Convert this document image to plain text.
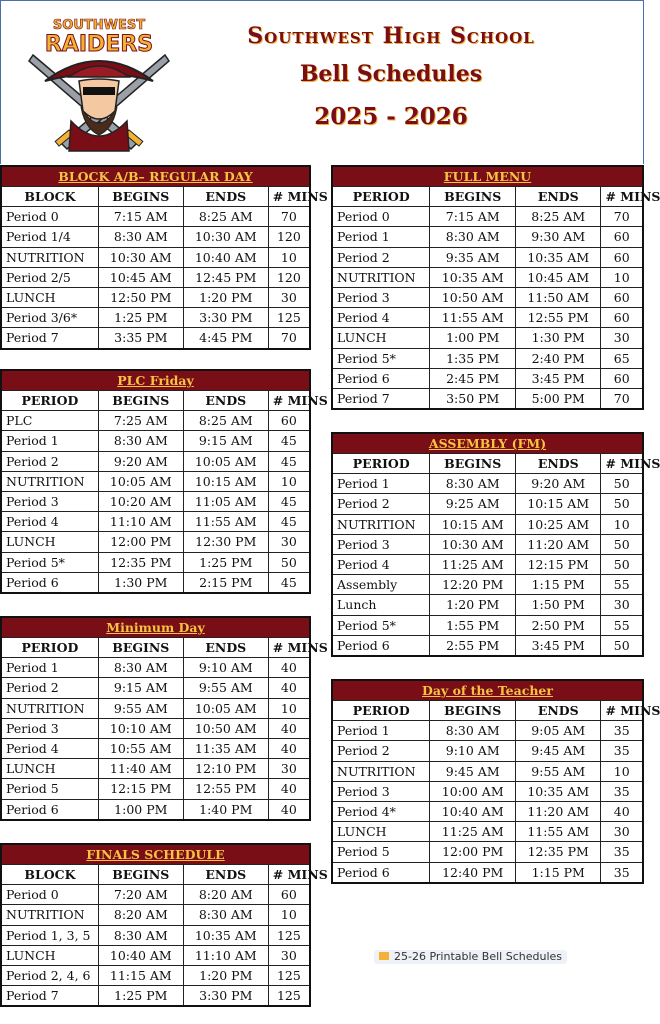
SOUTHWEST
RAIDERS	Southwest High School
Bell Schedules
2025 - 2026
BLOCK A/B– REGULAR DAY			
BLOCK	BEGINS	ENDS	# MINS
Period 0	7:15 AM	8:25 AM	70
Period 1/4	8:30 AM	10:30 AM	120
NUTRITION	10:30 AM	10:40 AM	10
Period 2/5	10:45 AM	12:45 PM	120
LUNCH	12:50 PM	1:20 PM	30
Period 3/6*	1:25 PM	3:30 PM	125
Period 7	3:35 PM	4:45 PM	70
PLC Friday			
PERIOD	BEGINS	ENDS	# MINS
PLC	7:25 AM	8:25 AM	60
Period 1	8:30 AM	9:15 AM	45
Period 2	9:20 AM	10:05 AM	45
NUTRITION	10:05 AM	10:15 AM	10
Period 3	10:20 AM	11:05 AM	45
Period 4	11:10 AM	11:55 AM	45
LUNCH	12:00 PM	12:30 PM	30
Period 5*	12:35 PM	1:25 PM	50
Period 6	1:30 PM	2:15 PM	45
Minimum Day			
PERIOD	BEGINS	ENDS	# MINS
Period 1	8:30 AM	9:10 AM	40
Period 2	9:15 AM	9:55 AM	40
NUTRITION	9:55 AM	10:05 AM	10
Period 3	10:10 AM	10:50 AM	40
Period 4	10:55 AM	11:35 AM	40
LUNCH	11:40 AM	12:10 PM	30
Period 5	12:15 PM	12:55 PM	40
Period 6	1:00 PM	1:40 PM	40
FINALS SCHEDULE			
BLOCK	BEGINS	ENDS	# MINS
Period 0	7:20 AM	8:20 AM	60
NUTRITION	8:20 AM	8:30 AM	10
Period 1, 3, 5	8:30 AM	10:35 AM	125
LUNCH	10:40 AM	11:10 AM	30
Period 2, 4, 6	11:15 AM	1:20 PM	125
Period 7	1:25 PM	3:30 PM	125
FULL MENU			
PERIOD	BEGINS	ENDS	# MINS
Period 0	7:15 AM	8:25 AM	70
Period 1	8:30 AM	9:30 AM	60
Period 2	9:35 AM	10:35 AM	60
NUTRITION	10:35 AM	10:45 AM	10
Period 3	10:50 AM	11:50 AM	60
Period 4	11:55 AM	12:55 PM	60
LUNCH	1:00 PM	1:30 PM	30
Period 5*	1:35 PM	2:40 PM	65
Period 6	2:45 PM	3:45 PM	60
Period 7	3:50 PM	5:00 PM	70
ASSEMBLY (FM)			
PERIOD	BEGINS	ENDS	# MINS
Period 1	8:30 AM	9:20 AM	50
Period 2	9:25 AM	10:15 AM	50
NUTRITION	10:15 AM	10:25 AM	10
Period 3	10:30 AM	11:20 AM	50
Period 4	11:25 AM	12:15 PM	50
Assembly	12:20 PM	1:15 PM	55
Lunch	1:20 PM	1:50 PM	30
Period 5*	1:55 PM	2:50 PM	55
Period 6	2:55 PM	3:45 PM	50
Day of the Teacher			
PERIOD	BEGINS	ENDS	# MINS
Period 1	8:30 AM	9:05 AM	35
Period 2	9:10 AM	9:45 AM	35
NUTRITION	9:45 AM	9:55 AM	10
Period 3	10:00 AM	10:35 AM	35
Period 4*	10:40 AM	11:20 AM	40
LUNCH	11:25 AM	11:55 AM	30
Period 5	12:00 PM	12:35 PM	35
Period 6	12:40 PM	1:15 PM	35
25-26 Printable Bell Schedules
